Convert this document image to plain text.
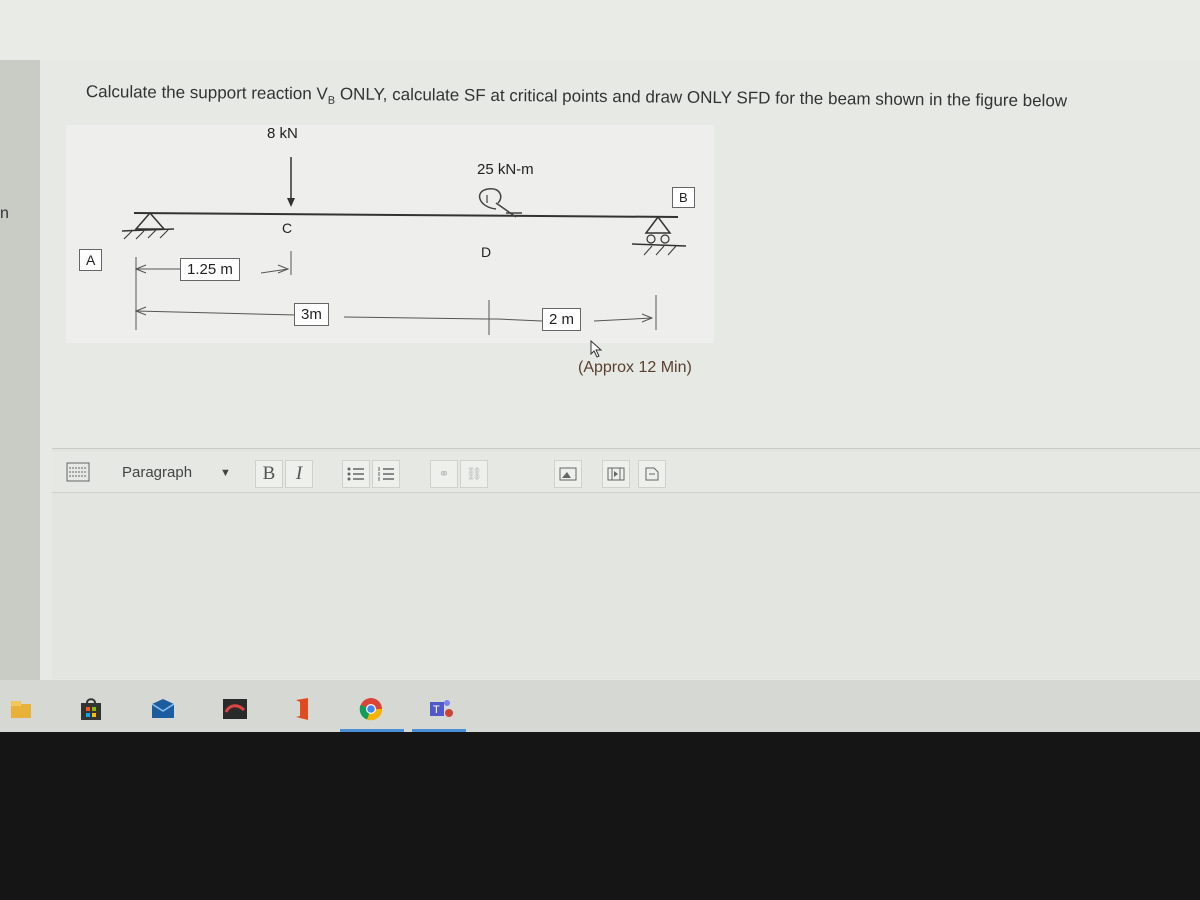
n
Calculate the support reaction $V_B$ ONLY, calculate SF at critical points and draw ONLY SFD for the beam shown in the figure below
8 kN
25 kN-m
C
D
A
B
1.25 m
3m	2 m
(Approx 12 Min)
Paragraph	▼	B	I	⚭ ⛓
T
